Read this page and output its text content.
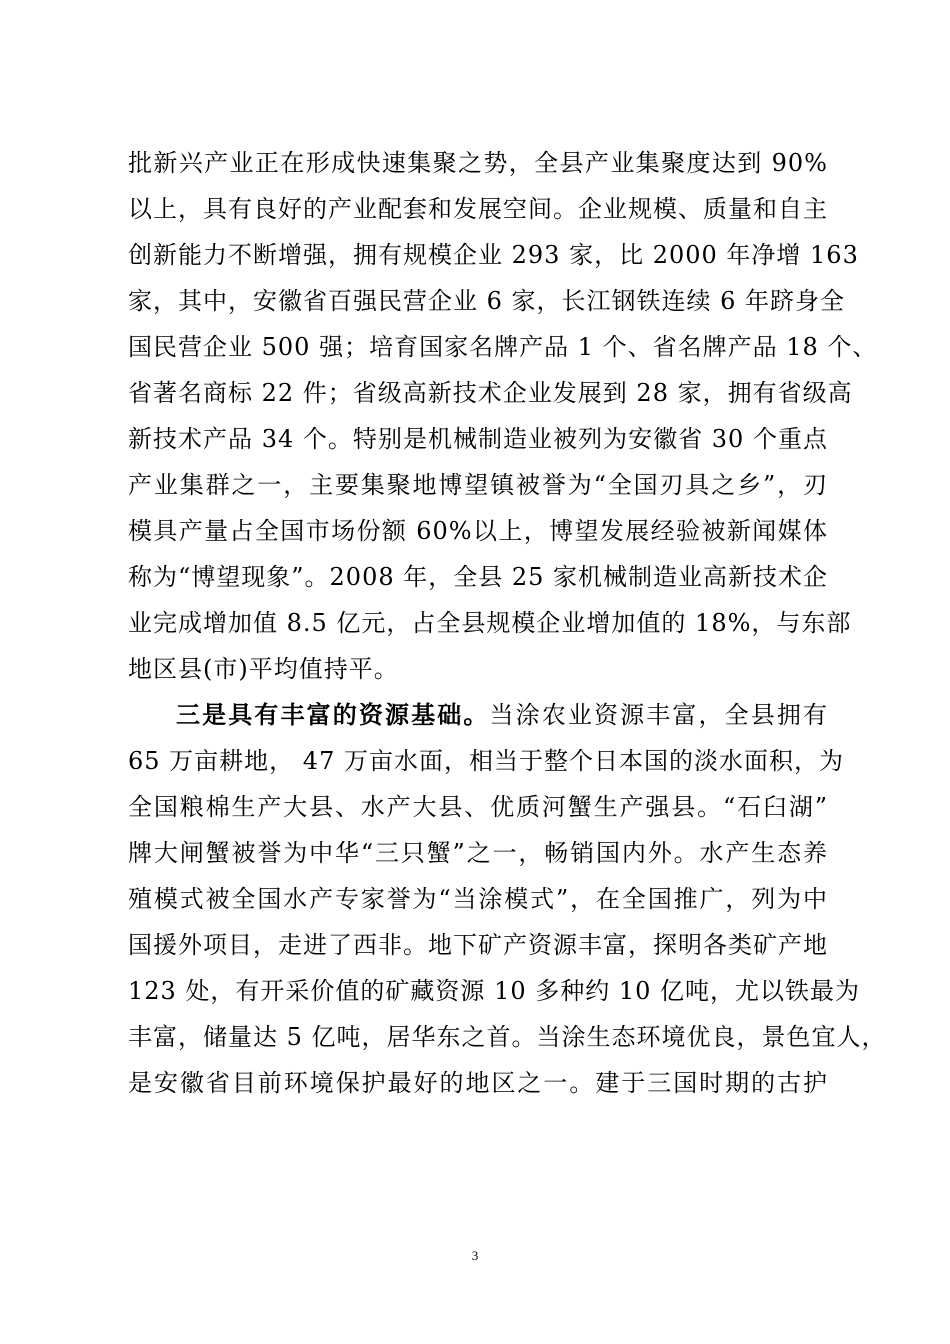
批新兴产业正在形成快速集聚之势，全县产业集聚度达到 90%
以上，具有良好的产业配套和发展空间。企业规模、质量和自主
创新能力不断增强，拥有规模企业 293 家，比 2000 年净增 163
家，其中，安徽省百强民营企业 6 家，长江钢铁连续 6 年跻身全
国民营企业 500 强；培育国家名牌产品 1 个、省名牌产品 18 个、
省著名商标 22 件；省级高新技术企业发展到 28 家，拥有省级高
新技术产品 34 个。特别是机械制造业被列为安徽省 30 个重点
产业集群之一，主要集聚地博望镇被誉为“全国刃具之乡”，刃
模具产量占全国市场份额 60%以上，博望发展经验被新闻媒体
称为“博望现象”。2008 年，全县 25 家机械制造业高新技术企
业完成增加值 8.5 亿元，占全县规模企业增加值的 18%，与东部
地区县(市)平均值持平。
三是具有丰富的资源基础。当涂农业资源丰富，全县拥有
65 万亩耕地， 47 万亩水面，相当于整个日本国的淡水面积，为
全国粮棉生产大县、水产大县、优质河蟹生产强县。“石臼湖”
牌大闸蟹被誉为中华“三只蟹”之一，畅销国内外。水产生态养
殖模式被全国水产专家誉为“当涂模式”，在全国推广，列为中
国援外项目，走进了西非。地下矿产资源丰富，探明各类矿产地
123 处，有开采价值的矿藏资源 10 多种约 10 亿吨，尤以铁最为
丰富，储量达 5 亿吨，居华东之首。当涂生态环境优良，景色宜人，
是安徽省目前环境保护最好的地区之一。建于三国时期的古护
3
